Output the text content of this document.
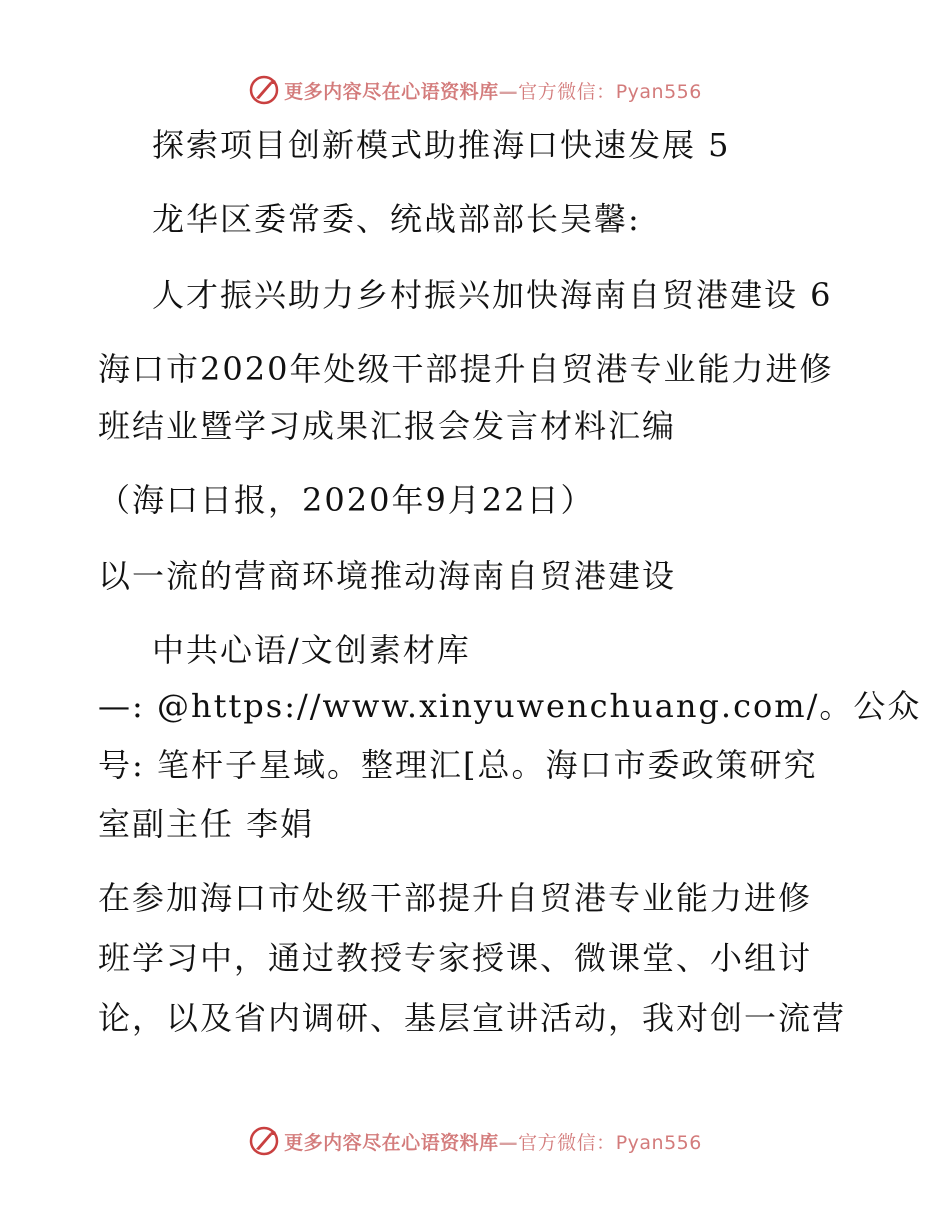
更多内容尽在心语资料库—官方微信：Pyan556
探索项目创新模式助推海口快速发展 5
龙华区委常委、统战部部长吴馨:
人才振兴助力乡村振兴加快海南自贸港建设 6
海口市2020年处级干部提升自贸港专业能力进修
班结业暨学习成果汇报会发言材料汇编
（海口日报，2020年9月22日）
以一流的营商环境推动海南自贸港建设
中共心语/文创素材库
—: @https://www.xinyuwenchuang.com/。公众
号: 笔杆子星域。整理汇[总。海口市委政策研究
室副主任 李娟
在参加海口市处级干部提升自贸港专业能力进修
班学习中，通过教授专家授课、微课堂、小组讨
论，以及省内调研、基层宣讲活动，我对创一流营
更多内容尽在心语资料库—官方微信：Pyan556
